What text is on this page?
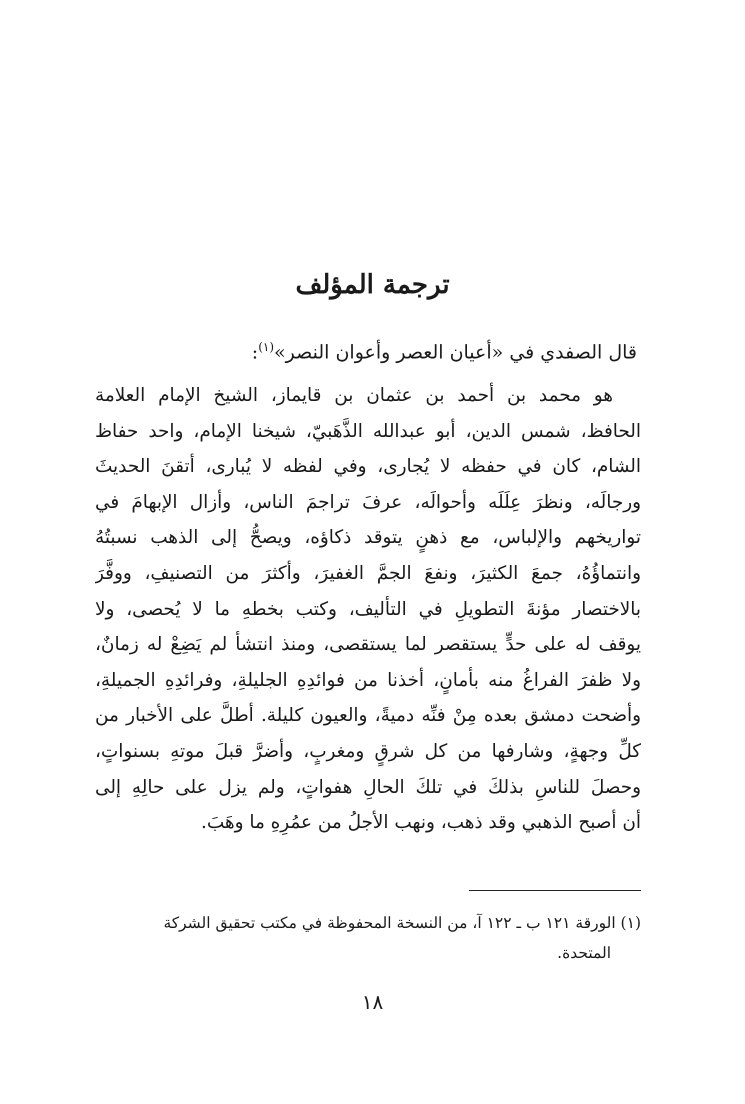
ترجمة المؤلف

قال الصفدي في «أعيان العصر وأعوان النصر»$^{(١)}$:

هو محمد بن أحمد بن عثمان بن قايماز، الشيخ الإمام العلامة
الحافظ، شمس الدين، أبو عبدالله الذَّهَبيّ، شيخنا الإمام، واحد حفاظ
الشام، كان في حفظه لا يُجارى، وفي لفظه لا يُبارى، أتقنَ الحديثَ
ورجالَه، ونظرَ عِلَلَه وأحوالَه، عرفَ تراجمَ الناس، وأزال الإبهامَ في
تواريخهم والإلباس، مع ذهنٍ يتوقد ذكاؤه، ويصحُّ إلى الذهب نسبتُهُ
وانتماؤُهُ، جمعَ الكثيرَ، ونفعَ الجمَّ الغفيرَ، وأكثرَ من التصنيفِ، ووفَّرَ
بالاختصار مؤنةَ التطويلِ في التأليف، وكتب بخطهِ ما لا يُحصى، ولا
يوقف له على حدٍّ يستقصر لما يستقصى، ومنذ انتشأ لم يَضِعْ له زمانٌ،
ولا ظفرَ الفراغُ منه بأمانٍ، أخذنا من فوائدِهِ الجليلةِ، وفرائدِهِ الجميلةِ،
وأضحت دمشق بعده مِنْ فنِّه دميةً، والعيون كليلة. أطلَّ على الأخبار من
كلِّ وجهةٍ، وشارفها من كل شرقٍ ومغربٍ، وأضرَّ قبلَ موتهِ بسنواتٍ،
وحصلَ للناسِ بذلكَ في تلكَ الحالِ هفواتٍ، ولم يزل على حالِهِ إلى
أن أصبح الذهبي وقد ذهب، ونهب الأجلُ من عمُرِهِ ما وهَبَ.
(١) الورقة ١٢١ ب ـ ١٢٢ آ، من النسخة المحفوظة في مكتب تحقيق الشركة
المتحدة.

١٨
